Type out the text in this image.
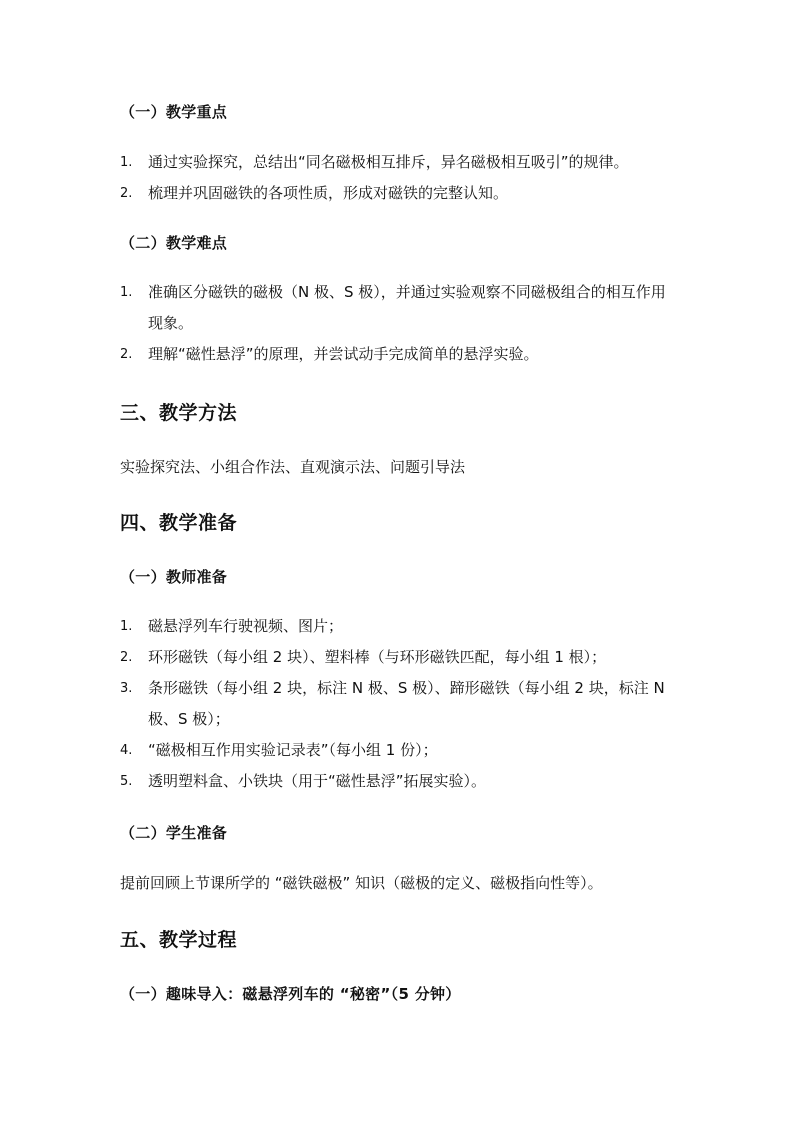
（一）教学重点
1. 通过实验探究，总结出“同名磁极相互排斥，异名磁极相互吸引”的规律。
2. 梳理并巩固磁铁的各项性质，形成对磁铁的完整认知。
（二）教学难点
1. 准确区分磁铁的磁极（N 极、S 极），并通过实验观察不同磁极组合的相互作用现象。
2. 理解“磁性悬浮”的原理，并尝试动手完成简单的悬浮实验。
三、教学方法
实验探究法、小组合作法、直观演示法、问题引导法
四、教学准备
（一）教师准备
1. 磁悬浮列车行驶视频、图片；
2. 环形磁铁（每小组 2 块）、塑料棒（与环形磁铁匹配，每小组 1 根）；
3. 条形磁铁（每小组 2 块，标注 N 极、S 极）、蹄形磁铁（每小组 2 块，标注 N 极、S 极）；
4. “磁极相互作用实验记录表”（每小组 1 份）；
5. 透明塑料盒、小铁块（用于“磁性悬浮”拓展实验）。
（二）学生准备
提前回顾上节课所学的 “磁铁磁极” 知识（磁极的定义、磁极指向性等）。
五、教学过程
（一）趣味导入：磁悬浮列车的 “秘密”（5 分钟）
